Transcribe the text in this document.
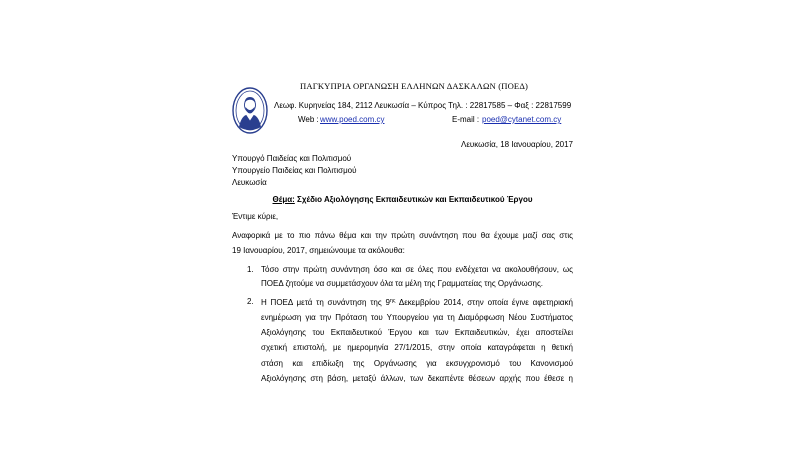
ΠΑΓΚΥΠΡΙΑ ΟΡΓΑΝΩΣΗ ΕΛΛΗΝΩΝ ΔΑΣΚΑΛΩΝ (ΠΟΕΔ)
Λεωφ. Κυρηνείας 184, 2112 Λευκωσία – Κύπρος Τηλ. : 22817585 – Φαξ : 22817599
Web : www.poed.com.cy	E-mail : poed@cytanet.com.cy
Λευκωσία, 18 Ιανουαρίου, 2017
Υπουργό Παιδείας και Πολιτισμού
Υπουργείο Παιδείας και Πολιτισμού
Λευκωσία
Θέμα: Σχέδιο Αξιολόγησης Εκπαιδευτικών και Εκπαιδευτικού Έργου
Έντιμε κύριε,
Αναφορικά με το πιο πάνω θέμα και την πρώτη συνάντηση που θα έχουμε μαζί σας στις
19 Ιανουαρίου, 2017, σημειώνουμε τα ακόλουθα:
1. Τόσο στην πρώτη συνάντηση όσο και σε όλες που ενδέχεται να ακολουθήσουν, ως
ΠΟΕΔ ζητούμε να συμμετάσχουν όλα τα μέλη της Γραμματείας της Οργάνωσης.
2. Η ΠΟΕΔ μετά τη συνάντηση της $9^{\eta\varsigma}$ Δεκεμβρίου 2014, στην οποία έγινε αφετηριακή
ενημέρωση για την Πρόταση του Υπουργείου για τη Διαμόρφωση Νέου Συστήματος
Αξιολόγησης του Εκπαιδευτικού Έργου και των Εκπαιδευτικών, έχει αποστείλει
σχετική επιστολή, με ημερομηνία 27/1/2015, στην οποία καταγράφεται η θετική
στάση και επιδίωξη της Οργάνωσης για εκσυγχρονισμό του Κανονισμού
Αξιολόγησης στη βάση, μεταξύ άλλων, των δεκαπέντε θέσεων αρχής που έθεσε η
